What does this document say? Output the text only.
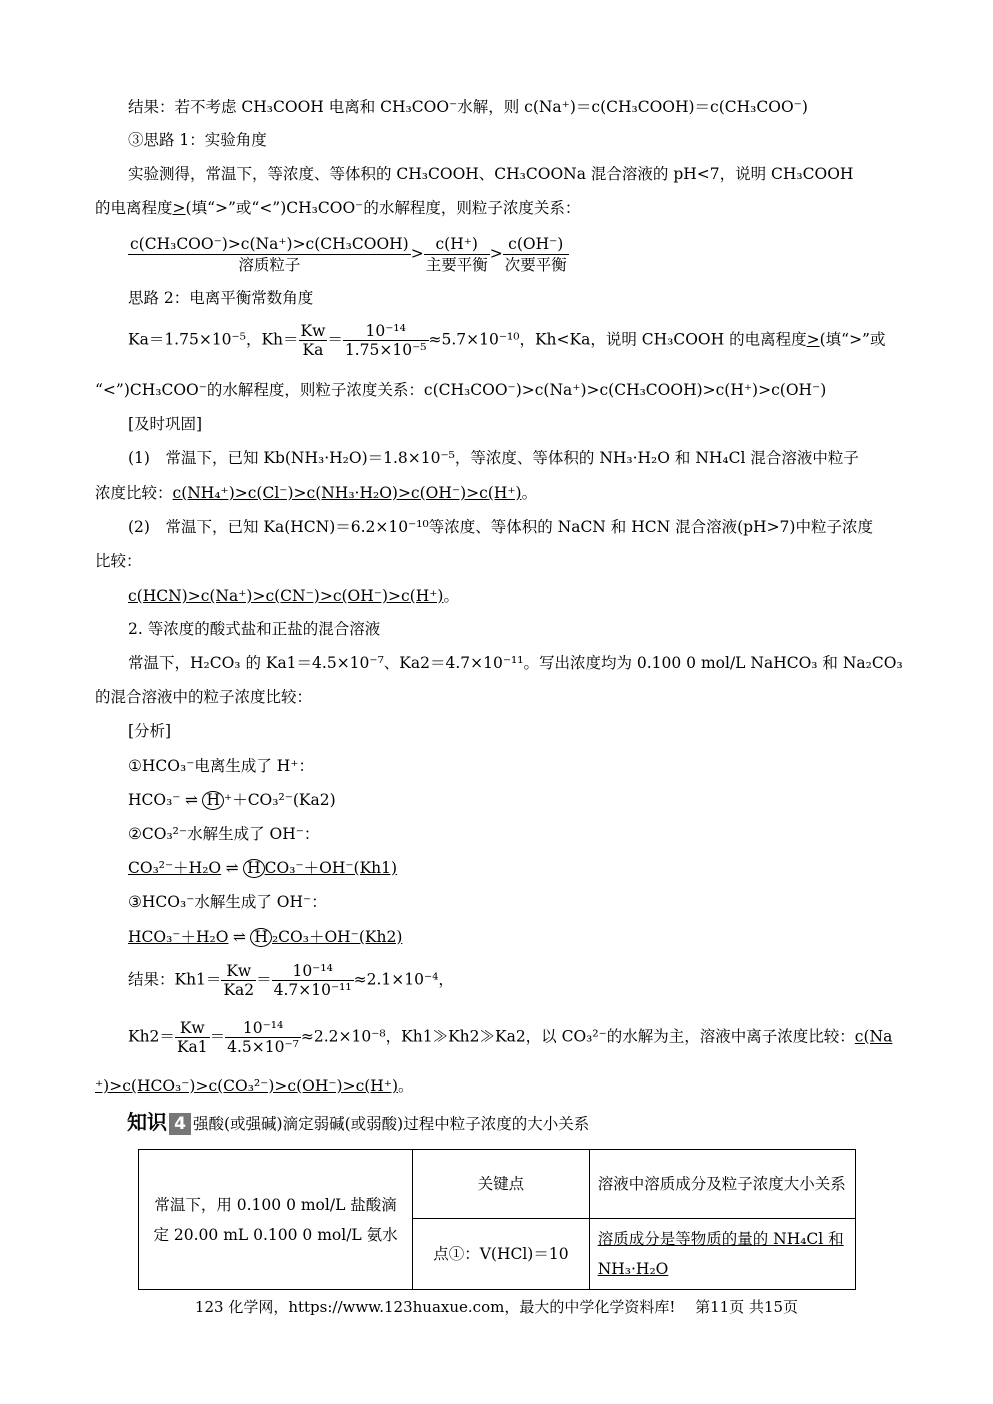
结果：若不考虑 CH₃COOH 电离和 CH₃COO⁻水解，则 c(Na⁺)＝c(CH₃COOH)＝c(CH₃COO⁻)
③思路 1：实验角度
实验测得，常温下，等浓度、等体积的 CH₃COOH、CH₃COONa 混合溶液的 pH<7，说明 CH₃COOH
的电离程度>(填“>”或“<”)CH₃COO⁻的水解程度，则粒子浓度关系：
c(CH₃COO⁻)>c(Na⁺)>c(CH₃COOH)
溶质粒子
>
c(H⁺)
主要平衡
>
c(OH⁻)
次要平衡
思路 2：电离平衡常数角度
Ka＝1.75×10⁻⁵，$Kh= \frac{Kw}{Ka} = \frac{\text{10⁻¹⁴}}{\text{1.75×10⁻⁵}} \approx 5.7\times 10^{-10}$，Kh<Ka，说明 CH₃COOH 的电离程度>(填“>”或
“<”)CH₃COO⁻的水解程度，则粒子浓度关系：c(CH₃COO⁻)>c(Na⁺)>c(CH₃COOH)>c(H⁺)>c(OH⁻)
[及时巩固]
(1)　常温下，已知 Kb(NH₃·H₂O)＝1.8×10⁻⁵，等浓度、等体积的 NH₃·H₂O 和 NH₄Cl 混合溶液中粒子
浓度比较：c(NH₄⁺)>c(Cl⁻)>c(NH₃·H₂O)>c(OH⁻)>c(H⁺)。
(2)　常温下，已知 Ka(HCN)＝6.2×10⁻¹⁰等浓度、等体积的 NaCN 和 HCN 混合溶液(pH>7)中粒子浓度
比较：
c(HCN)>c(Na⁺)>c(CN⁻)>c(OH⁻)>c(H⁺)。
2. 等浓度的酸式盐和正盐的混合溶液
常温下，H₂CO₃ 的 Ka1＝4.5×10⁻⁷、Ka2＝4.7×10⁻¹¹。写出浓度均为 0.100 0 mol/L NaHCO₃ 和 Na₂CO₃
的混合溶液中的粒子浓度比较：
[分析]
①HCO₃⁻电离生成了 H⁺：
HCO₃⁻ ⇌ H ⁺＋CO₃²⁻(Ka2)
②CO₃²⁻水解生成了 OH⁻：
CO₃²⁻＋H₂O ⇌ H CO₃⁻＋OH⁻(Kh1)
③HCO₃⁻水解生成了 OH⁻：
HCO₃⁻＋H₂O ⇌ H ₂CO₃＋OH⁻(Kh2)
结果：$Kh1= \frac{Kw}{Ka2} = \frac{\text{10⁻¹⁴}}{\text{4.7×10⁻¹¹}} \approx 2.1\times 10^{-4}$，
$Kh2= \frac{Kw}{Ka1} = \frac{\text{10⁻¹⁴}}{\text{4.5×10⁻⁷}} \approx 2.2\times 10^{-8}$，Kh1≫Kh2≫Ka2，以 CO₃²⁻的水解为主，溶液中离子浓度比较：c(Na
⁺)>c(HCO₃⁻)>c(CO₃²⁻)>c(OH⁻)>c(H⁺)。
知识 4 强酸(或强碱)滴定弱碱(或弱酸)过程中粒子浓度的大小关系
常温下，用 0.100 0 mol/L 盐酸滴定 20.00 mL 0.100 0 mol/L 氨水	关键点	溶液中溶质成分及粒子浓度大小关系
	点①：V(HCl)＝10	溶质成分是等物质的量的 NH₄Cl 和 NH₃·H₂O
123 化学网，https://www.123huaxue.com，最大的中学化学资料库!　 第11页 共15页
